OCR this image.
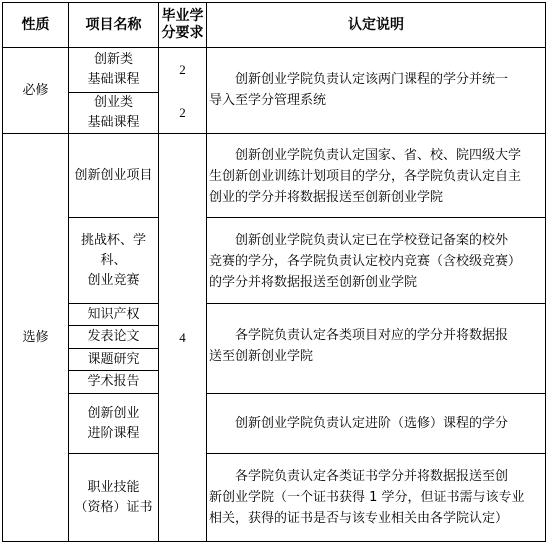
性质	项目名称
毕业学
分要求
认定说明
必修
创新类
基础课程
2
创业类
基础课程
2
创新创业学院负责认定该两门课程的学分并统一
导入至学分管理系统
选修	4
创新创业项目
创新创业学院负责认定国家、省、校、院四级大学
生创新创业训练计划项目的学分，各学院负责认定自主
创业的学分并将数据报送至创新创业学院
挑战杯、学科、
创业竞赛
创新创业学院负责认定已在学校登记备案的校外
竞赛的学分，各学院负责认定校内竞赛（含校级竞赛）
的学分并将数据报送至创新创业学院
知识产权
发表论文
课题研究
学术报告
各学院负责认定各类项目对应的学分并将数据报
送至创新创业学院
创新创业
进阶课程
创新创业学院负责认定进阶（选修）课程的学分
职业技能
（资格）证书
各学院负责认定各类证书学分并将数据报送至创
新创业学院（一个证书获得 1 学分，但证书需与该专业
相关，获得的证书是否与该专业相关由各学院认定）
